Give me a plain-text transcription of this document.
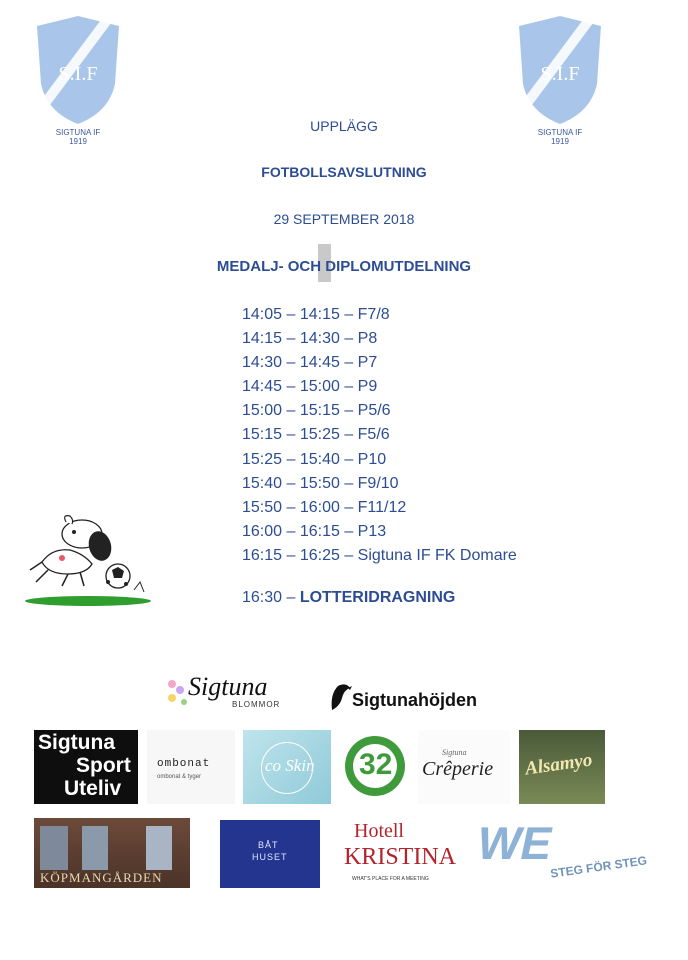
S.I.F
SIGTUNA IF
1919
S.I.F
SIGTUNA IF
1919
UPPLÄGG
FOTBOLLSAVSLUTNING
29 SEPTEMBER 2018
MEDALJ- OCH DIPLOMUTDELNING
14:05 – 14:15 – F7/8
14:15 – 14:30 – P8
14:30 – 14:45 – P7
14:45 – 15:00 – P9
15:00 – 15:15 – P5/6
15:15 – 15:25 – F5/6
15:25 – 15:40 – P10
15:40 – 15:50 – F9/10
15:50 – 16:00 – F11/12
16:00 – 16:15 – P13
16:15 – 16:25 – Sigtuna IF FK Domare
16:30 – LOTTERIDRAGNING
Sigtuna
BLOMMOR	Sigtunahöjden
Sigtuna
Sport
Uteliv
ombonat
ombonat & tyger
co Skin 32	Sigtuna
Crêperie Alsamyo
KÖPMANGÅRDEN
BÅT
HUSET
Hotell
KRISTINA
WHAT'S PLACE FOR A MEETING
WE
STEG FÖR STEG
